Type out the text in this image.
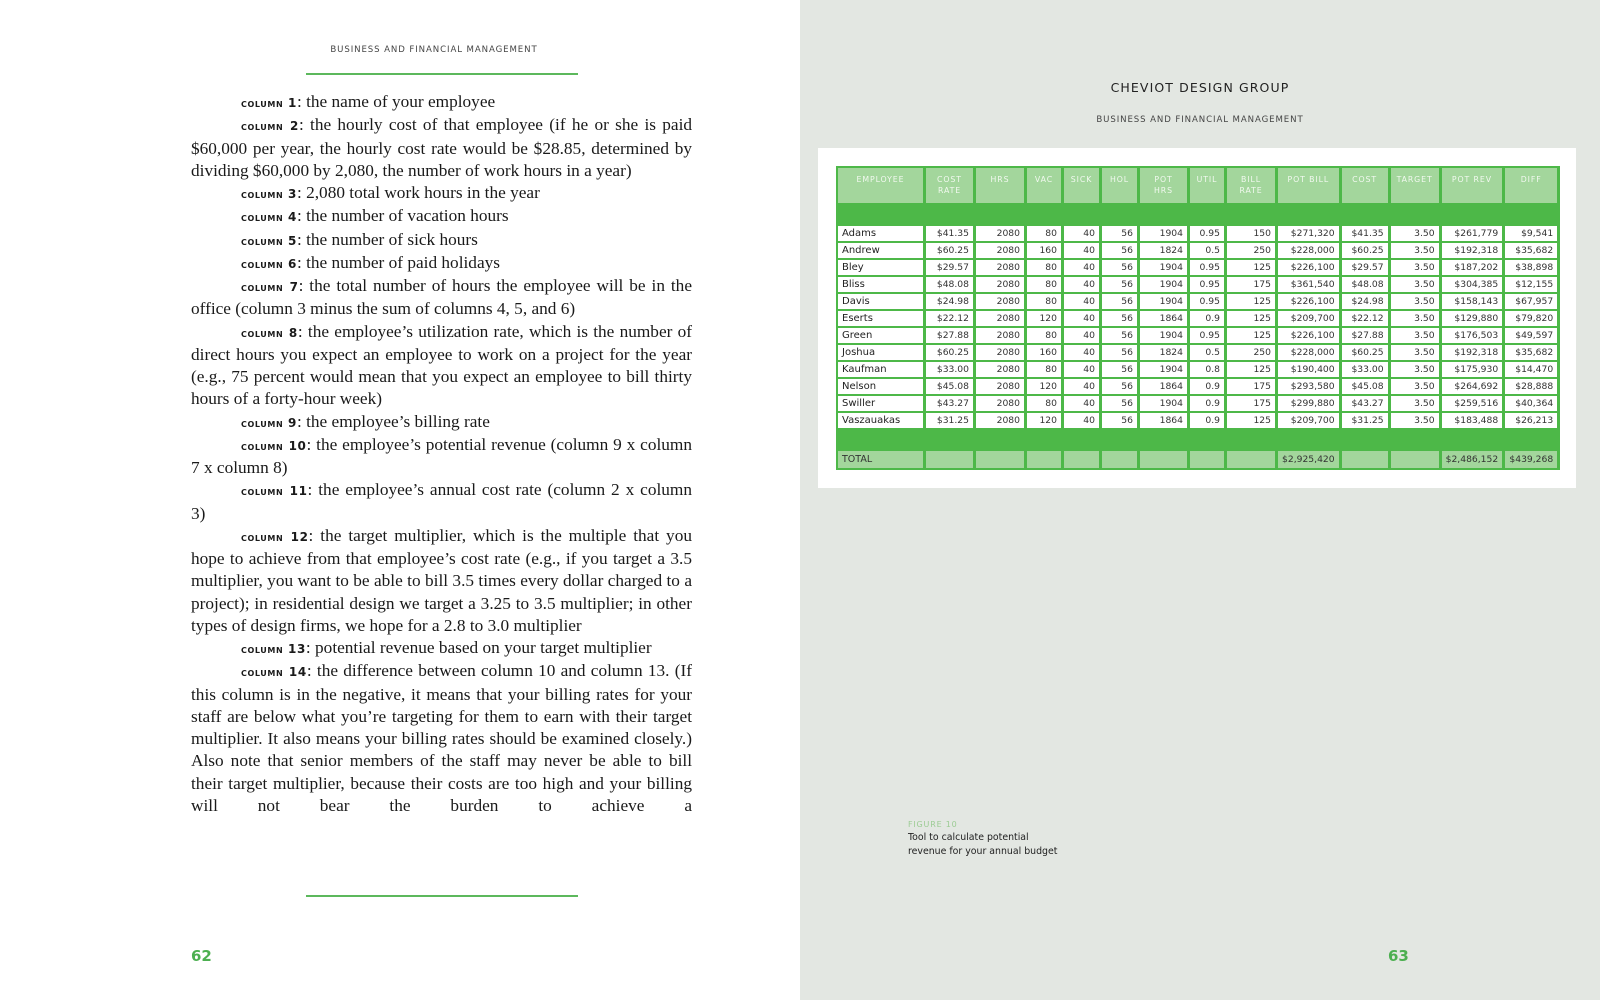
BUSINESS AND FINANCIAL MANAGEMENT

column 1: the name of your employee

column 2: the hourly cost of that employee (if he or she is paid $60,000 per year, the hourly cost rate would be $28.85, determined by dividing $60,000 by 2,080, the number of work hours in a year)

column 3: 2,080 total work hours in the year

column 4: the number of vacation hours

column 5: the number of sick hours

column 6: the number of paid holidays

column 7: the total number of hours the employee will be in the office (column 3 minus the sum of columns 4, 5, and 6)

column 8: the employee’s utilization rate, which is the number of direct hours you expect an employee to work on a project for the year (e.g., 75 percent would mean that you expect an employee to bill thirty hours of a forty-hour week)

column 9: the employee’s billing rate

column 10: the employee’s potential revenue (column 9 x column 7 x column 8)

column 11: the employee’s annual cost rate (column 2 x column 3)

column 12: the target multiplier, which is the multiple that you hope to achieve from that employee’s cost rate (e.g., if you target a 3.5 multiplier, you want to be able to bill 3.5 times every dollar charged to a project); in residential design we target a 3.25 to 3.5 multiplier; in other types of design firms, we hope for a 2.8 to 3.0 multiplier

column 13: potential revenue based on your target multiplier

column 14: the difference between column 10 and column 13. (If this column is in the negative, it means that your billing rates for your staff are below what you’re targeting for them to earn with their target multiplier. It also means your billing rates should be examined closely.) Also note that senior members of the staff may never be able to bill their target multiplier, because their costs are too high and your billing will not bear the burden to achieve a

62
CHEVIOT DESIGN GROUP
BUSINESS AND FINANCIAL MANAGEMENT
EMPLOYEE	COST RATE	HRS	VAC	SICK	HOL	POT HRS	UTIL	BILL RATE	POT BILL	COST	TARGET	POT REV	DIFF

Adams	$41.35	2080	80	40	56	1904	0.95	150	$271,320	$41.35	3.50	$261,779	$9,541
Andrew	$60.25	2080	160	40	56	1824	0.5	250	$228,000	$60.25	3.50	$192,318	$35,682
Bley	$29.57	2080	80	40	56	1904	0.95	125	$226,100	$29.57	3.50	$187,202	$38,898
Bliss	$48.08	2080	80	40	56	1904	0.95	175	$361,540	$48.08	3.50	$304,385	$12,155
Davis	$24.98	2080	80	40	56	1904	0.95	125	$226,100	$24.98	3.50	$158,143	$67,957
Eserts	$22.12	2080	120	40	56	1864	0.9	125	$209,700	$22.12	3.50	$129,880	$79,820
Green	$27.88	2080	80	40	56	1904	0.95	125	$226,100	$27.88	3.50	$176,503	$49,597
Joshua	$60.25	2080	160	40	56	1824	0.5	250	$228,000	$60.25	3.50	$192,318	$35,682
Kaufman	$33.00	2080	80	40	56	1904	0.8	125	$190,400	$33.00	3.50	$175,930	$14,470
Nelson	$45.08	2080	120	40	56	1864	0.9	175	$293,580	$45.08	3.50	$264,692	$28,888
Swiller	$43.27	2080	80	40	56	1904	0.9	175	$299,880	$43.27	3.50	$259,516	$40,364
Vaszauakas	$31.25	2080	120	40	56	1864	0.9	125	$209,700	$31.25	3.50	$183,488	$26,213

TOTAL									$2,925,420			$2,486,152	$439,268
FIGURE 10
Tool to calculate potential revenue for your annual budget
63
